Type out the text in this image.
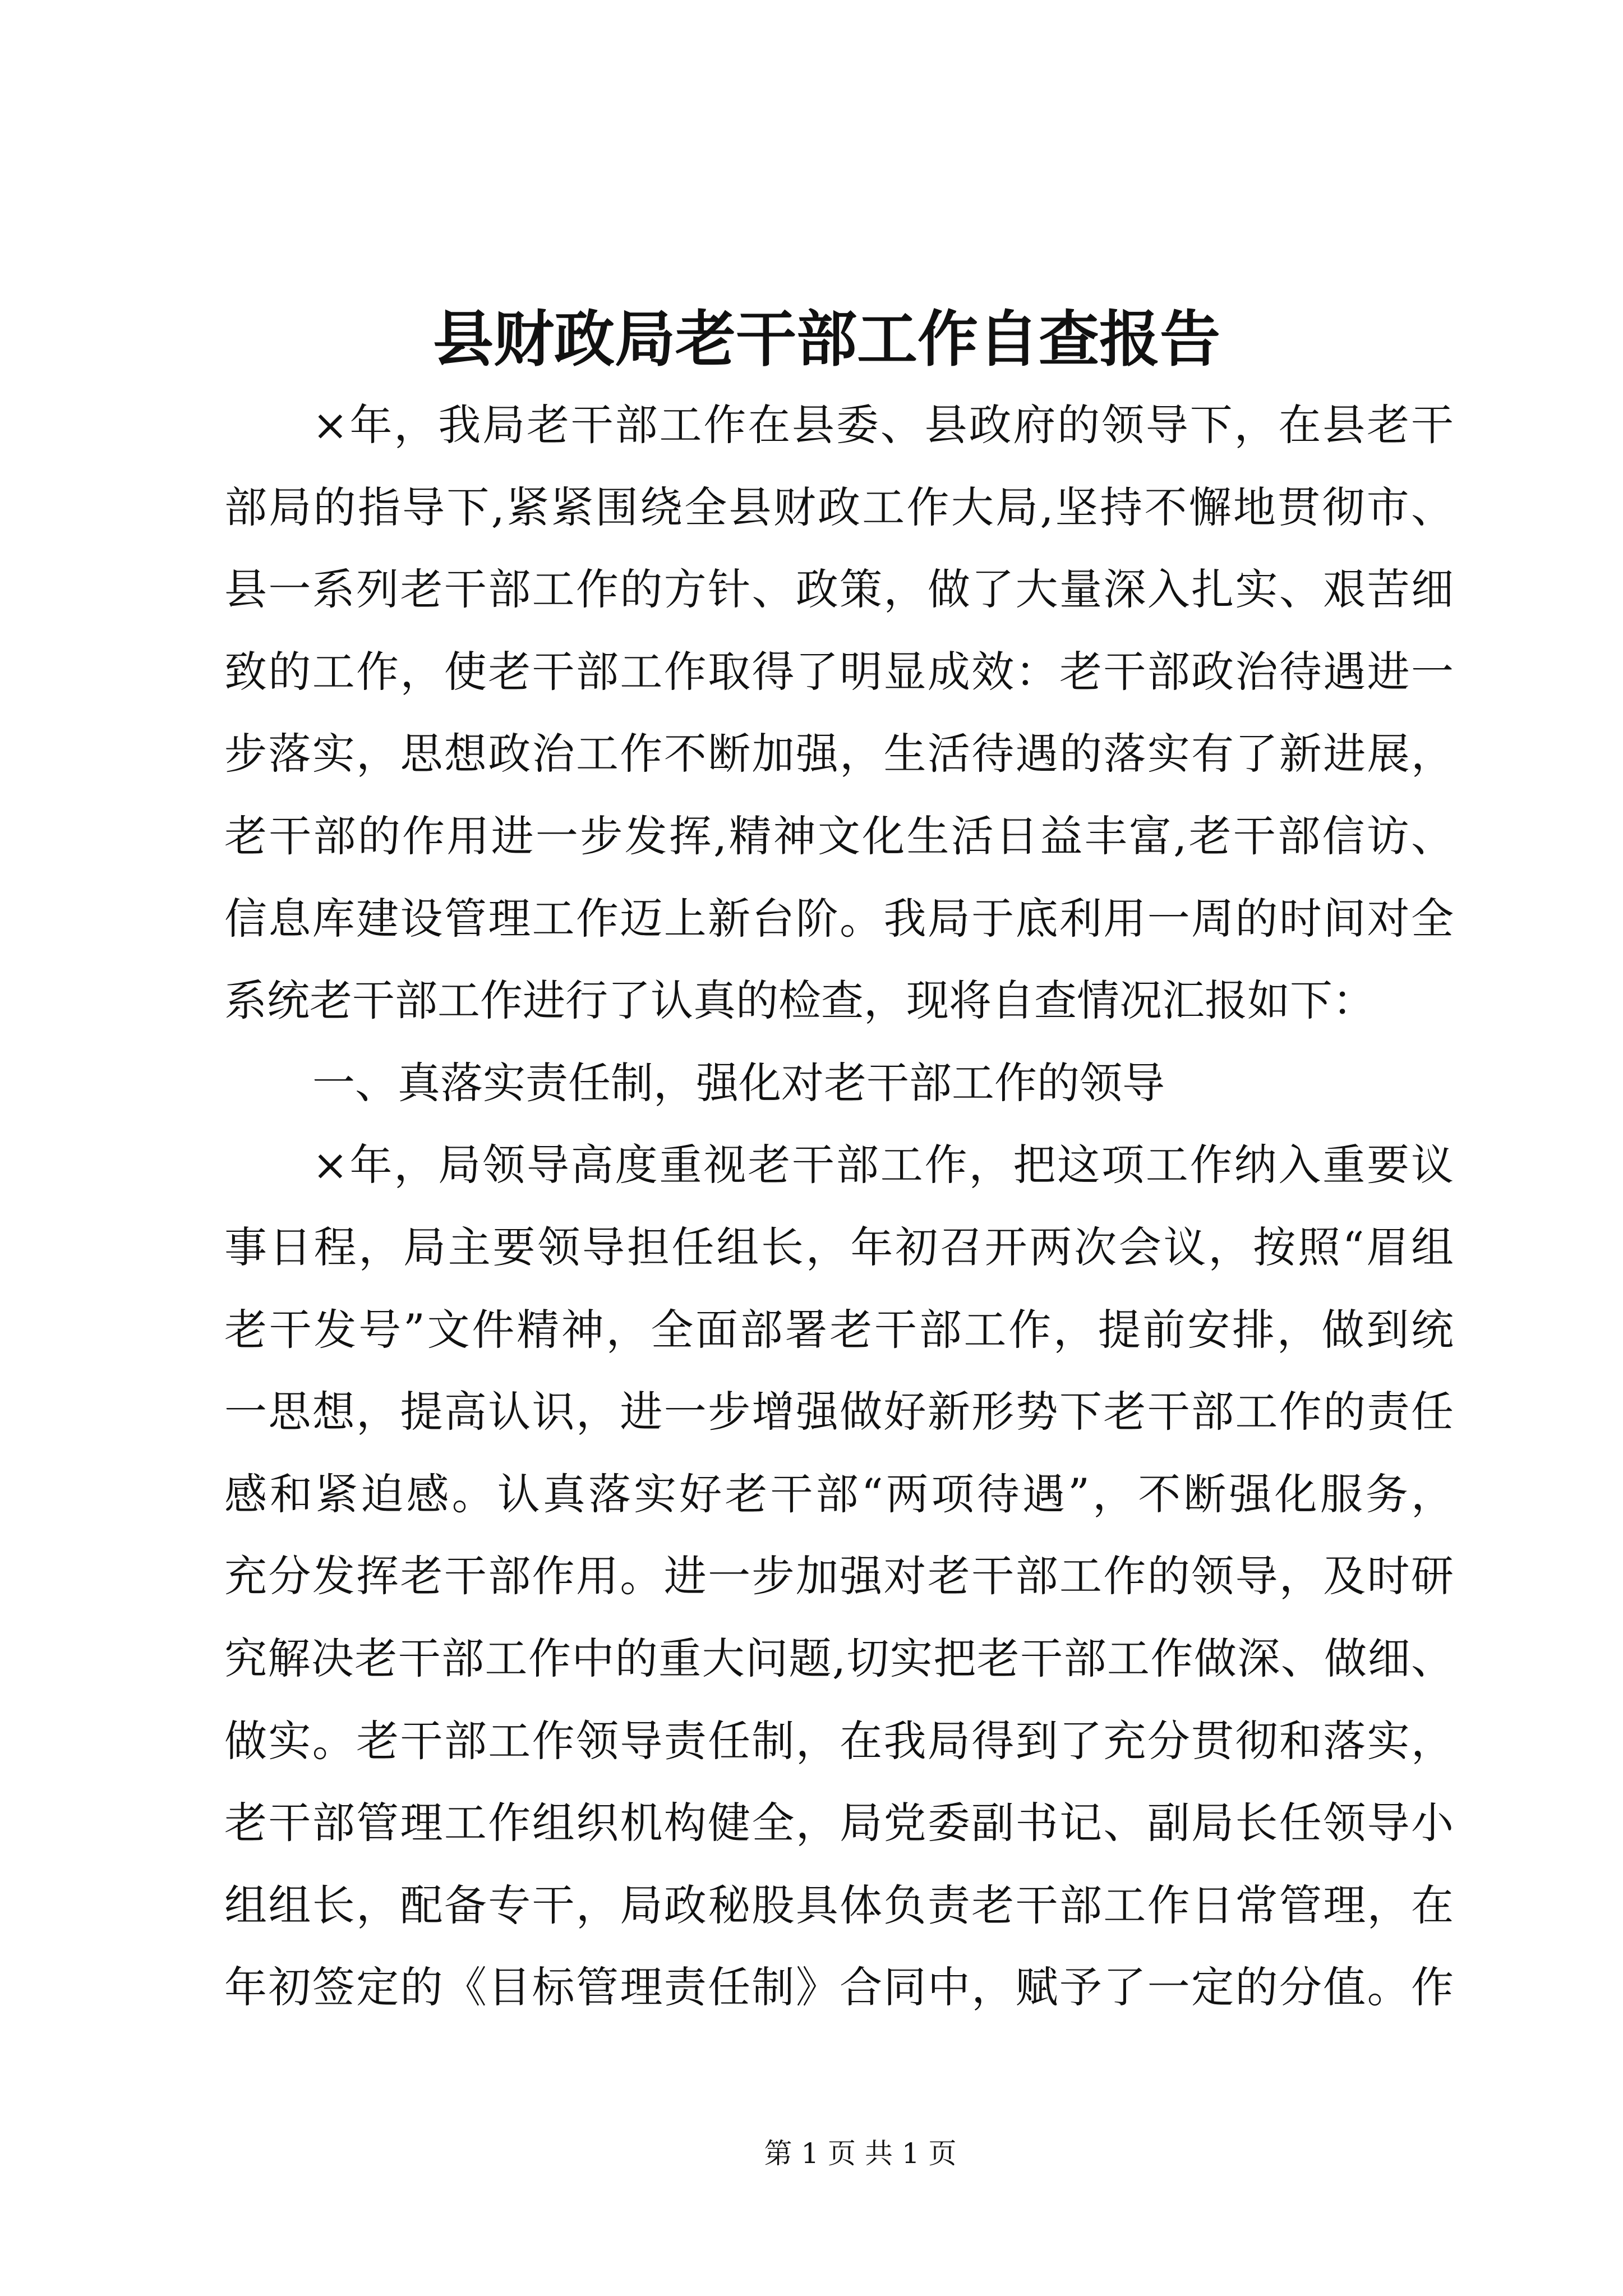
县财政局老干部工作自查报告
×年，我局老干部工作在县委、县政府的领导下，在县老干
部局的指导下,紧紧围绕全县财政工作大局,坚持不懈地贯彻市、
县一系列老干部工作的方针、政策，做了大量深入扎实、艰苦细
致的工作，使老干部工作取得了明显成效：老干部政治待遇进一
步落实，思想政治工作不断加强，生活待遇的落实有了新进展，
老干部的作用进一步发挥,精神文化生活日益丰富,老干部信访、
信息库建设管理工作迈上新台阶。我局于底利用一周的时间对全
系统老干部工作进行了认真的检查，现将自查情况汇报如下：
一、真落实责任制，强化对老干部工作的领导
×年，局领导高度重视老干部工作，把这项工作纳入重要议
事日程，局主要领导担任组长，年初召开两次会议，按照“眉组
老干发号”文件精神，全面部署老干部工作，提前安排，做到统
一思想，提高认识，进一步增强做好新形势下老干部工作的责任
感和紧迫感。认真落实好老干部“两项待遇”，不断强化服务，
充分发挥老干部作用。进一步加强对老干部工作的领导，及时研
究解决老干部工作中的重大问题,切实把老干部工作做深、做细、
做实。老干部工作领导责任制，在我局得到了充分贯彻和落实，
老干部管理工作组织机构健全，局党委副书记、副局长任领导小
组组长，配备专干，局政秘股具体负责老干部工作日常管理，在
年初签定的《目标管理责任制》合同中，赋予了一定的分值。作
第 1 页 共 1 页
